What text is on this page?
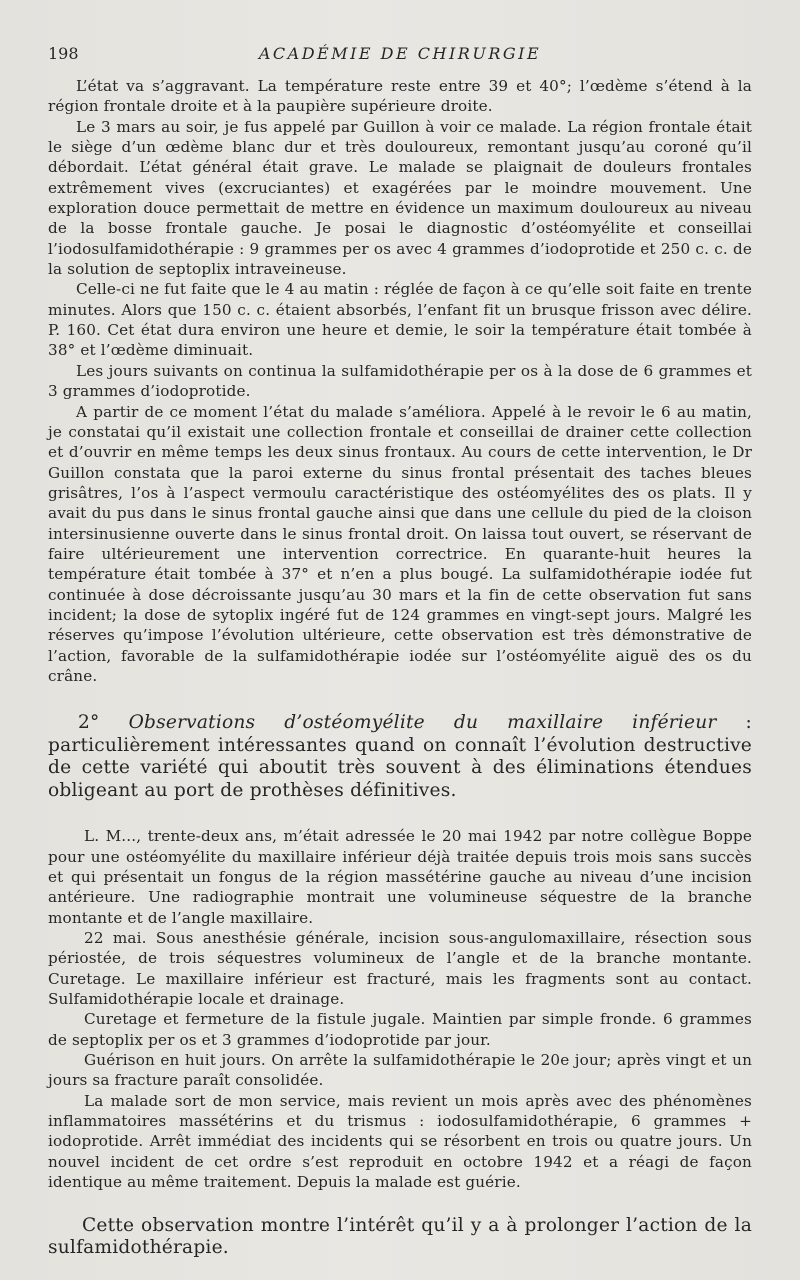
198	ACADÉMIE DE CHIRURGIE

L’état va s’aggravant. La température reste entre 39 et 40°; l’œdème s’étend à la région frontale droite et à la paupière supérieure droite.

Le 3 mars au soir, je fus appelé par Guillon à voir ce malade. La région frontale était le siège d’un œdème blanc dur et très douloureux, remontant jusqu’au coroné qu’il débordait. L’état général était grave. Le malade se plaignait de douleurs frontales extrêmement vives (excruciantes) et exagérées par le moindre mouvement. Une exploration douce permettait de mettre en évidence un maximum douloureux au niveau de la bosse frontale gauche. Je posai le diagnostic d’ostéomyélite et conseillai l’iodosulfamidothérapie : 9 grammes per os avec 4 grammes d’iodoprotide et 250 c. c. de la solution de septoplix intraveineuse.

Celle-ci ne fut faite que le 4 au matin : réglée de façon à ce qu’elle soit faite en trente minutes. Alors que 150 c. c. étaient absorbés, l’enfant fit un brusque frisson avec délire. P. 160. Cet état dura environ une heure et demie, le soir la température était tombée à 38° et l’œdème diminuait.

Les jours suivants on continua la sulfamidothérapie per os à la dose de 6 grammes et 3 grammes d’iodoprotide.

A partir de ce moment l’état du malade s’améliora. Appelé à le revoir le 6 au matin, je constatai qu’il existait une collection frontale et conseillai de drainer cette collection et d’ouvrir en même temps les deux sinus frontaux. Au cours de cette intervention, le Dr Guillon constata que la paroi externe du sinus frontal présentait des taches bleues grisâtres, l’os à l’aspect vermoulu caractéristique des ostéomyélites des os plats. Il y avait du pus dans le sinus frontal gauche ainsi que dans une cellule du pied de la cloison intersinusienne ouverte dans le sinus frontal droit. On laissa tout ouvert, se réservant de faire ultérieurement une intervention correctrice. En quarante-huit heures la température était tombée à 37° et n’en a plus bougé. La sulfamidothérapie iodée fut continuée à dose décroissante jusqu’au 30 mars et la fin de cette observation fut sans incident; la dose de sytoplix ingéré fut de 124 grammes en vingt-sept jours. Malgré les réserves qu’impose l’évolution ultérieure, cette observation est très démonstrative de l’action, favorable de la sulfamidothérapie iodée sur l’ostéomyélite aiguë des os du crâne.

2° Observations d’ostéomyélite du maxillaire inférieur : particulièrement intéressantes quand on connaît l’évolution destructive de cette variété qui aboutit très souvent à des éliminations étendues obligeant au port de prothèses définitives.

L. M..., trente-deux ans, m’était adressée le 20 mai 1942 par notre collègue Boppe pour une ostéomyélite du maxillaire inférieur déjà traitée depuis trois mois sans succès et qui présentait un fongus de la région massétérine gauche au niveau d’une incision antérieure. Une radiographie montrait une volumineuse séquestre de la branche montante et de l’angle maxillaire.

22 mai. Sous anesthésie générale, incision sous-angulomaxillaire, résection sous périostée, de trois séquestres volumineux de l’angle et de la branche montante. Curetage. Le maxillaire inférieur est fracturé, mais les fragments sont au contact. Sulfamidothérapie locale et drainage.

Curetage et fermeture de la fistule jugale. Maintien par simple fronde. 6 grammes de septoplix per os et 3 grammes d’iodoprotide par jour.

Guérison en huit jours. On arrête la sulfamidothérapie le 20e jour; après vingt et un jours sa fracture paraît consolidée.

La malade sort de mon service, mais revient un mois après avec des phénomènes inflammatoires massétérins et du trismus : iodosulfamidothérapie, 6 grammes + iodoprotide. Arrêt immédiat des incidents qui se résorbent en trois ou quatre jours. Un nouvel incident de cet ordre s’est reproduit en octobre 1942 et a réagi de façon identique au même traitement. Depuis la malade est guérie.

Cette observation montre l’intérêt qu’il y a à prolonger l’action de la sulfamidothérapie.
